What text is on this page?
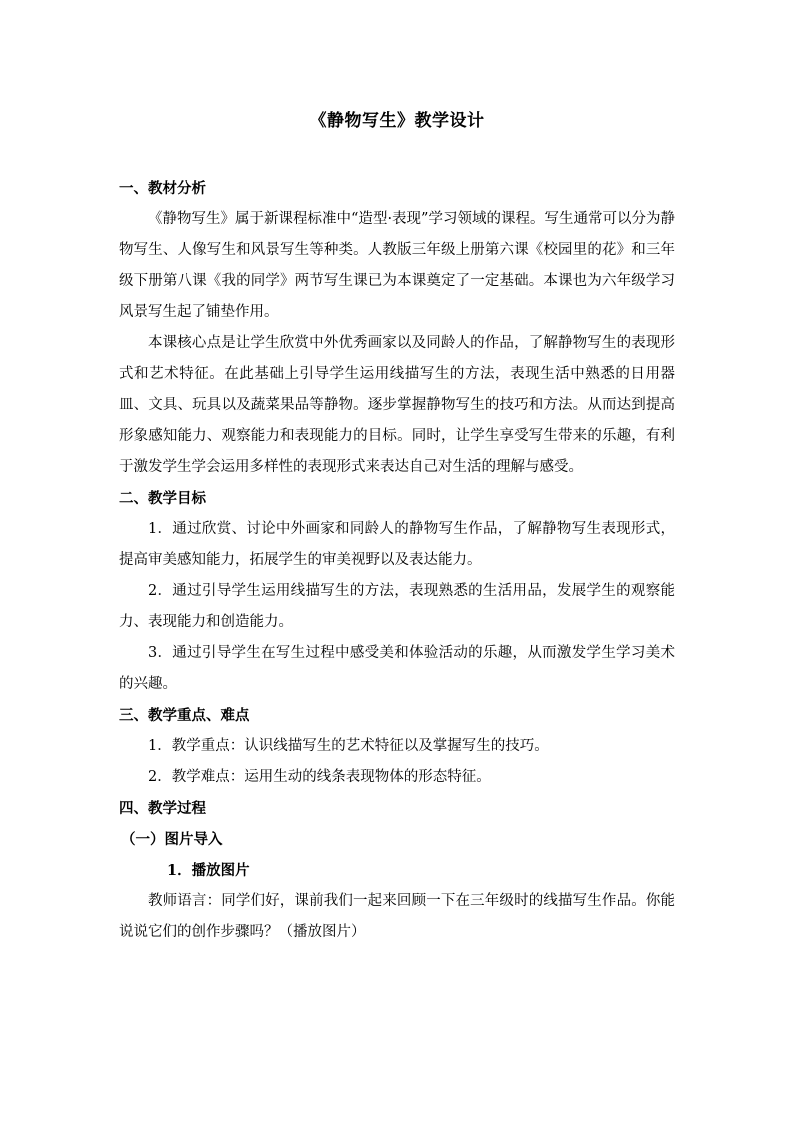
《静物写生》教学设计

一、教材分析

《静物写生》属于新课程标准中“造型·表现”学习领域的课程。写生通常可以分为静物写生、人像写生和风景写生等种类。人教版三年级上册第六课《校园里的花》和三年级下册第八课《我的同学》两节写生课已为本课奠定了一定基础。本课也为六年级学习风景写生起了铺垫作用。

本课核心点是让学生欣赏中外优秀画家以及同龄人的作品，了解静物写生的表现形式和艺术特征。在此基础上引导学生运用线描写生的方法，表现生活中熟悉的日用器皿、文具、玩具以及蔬菜果品等静物。逐步掌握静物写生的技巧和方法。从而达到提高形象感知能力、观察能力和表现能力的目标。同时，让学生享受写生带来的乐趣，有利于激发学生学会运用多样性的表现形式来表达自己对生活的理解与感受。

二、教学目标

1．通过欣赏、讨论中外画家和同龄人的静物写生作品，了解静物写生表现形式，提高审美感知能力，拓展学生的审美视野以及表达能力。

2．通过引导学生运用线描写生的方法，表现熟悉的生活用品，发展学生的观察能力、表现能力和创造能力。

3．通过引导学生在写生过程中感受美和体验活动的乐趣，从而激发学生学习美术的兴趣。

三、教学重点、难点

1．教学重点：认识线描写生的艺术特征以及掌握写生的技巧。

2．教学难点：运用生动的线条表现物体的形态特征。

四、教学过程

（一）图片导入

1．播放图片

教师语言：同学们好，课前我们一起来回顾一下在三年级时的线描写生作品。你能说说它们的创作步骤吗？（播放图片）
